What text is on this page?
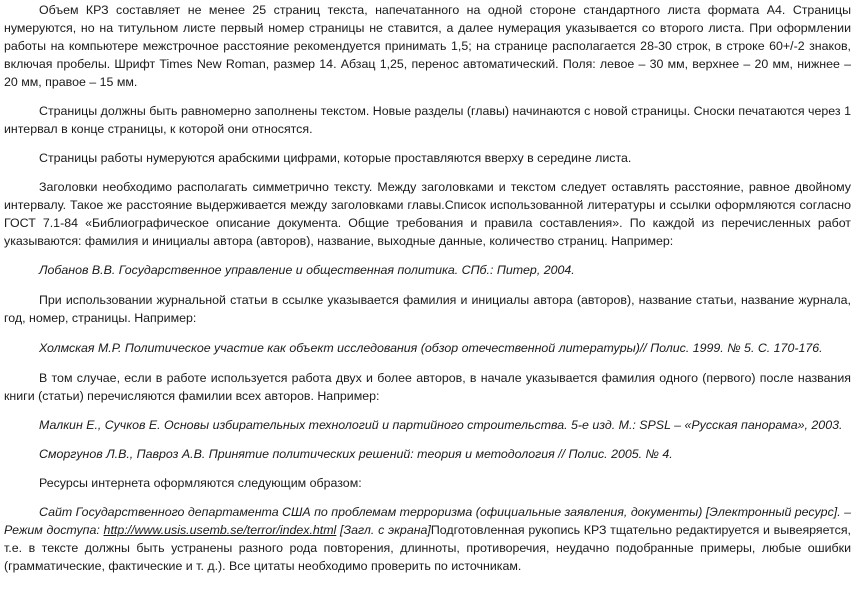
Объем КРЗ составляет не менее 25 страниц текста, напечатанного на одной стороне стандартного листа формата А4. Страницы нумеруются, но на титульном листе первый номер страницы не ставится, а далее нумерация указывается со второго листа. При оформлении работы на компьютере межстрочное расстояние рекомендуется принимать 1,5; на странице располагается 28-30 строк, в строке 60+/-2 знаков, включая пробелы. Шрифт Times New Roman, размер 14. Абзац 1,25, перенос автоматический. Поля: левое – 30 мм, верхнее – 20 мм, нижнее – 20 мм, правое – 15 мм.

Страницы должны быть равномерно заполнены текстом. Новые разделы (главы) начинаются с новой страницы. Сноски печатаются через 1 интервал в конце страницы, к которой они относятся.

Страницы работы нумеруются арабскими цифрами, которые проставляются вверху в середине листа.

Заголовки необходимо располагать симметрично тексту. Между заголовками и текстом следует оставлять расстояние, равное двойному интервалу. Такое же расстояние выдерживается между заголовками главы.Список использованной литературы и ссылки оформляются согласно ГОСТ 7.1-84 «Библиографическое описание документа. Общие требования и правила составления». По каждой из перечисленных работ указываются: фамилия и инициалы автора (авторов), название, выходные данные, количество страниц. Например:

Лобанов В.В. Государственное управление и общественная политика. СПб.: Питер, 2004.

При использовании журнальной статьи в ссылке указывается фамилия и инициалы автора (авторов), название статьи, название журнала, год, номер, страницы. Например:

Холмская М.Р. Политическое участие как объект исследования (обзор отечественной литературы)// Полис. 1999. № 5. С. 170-176.

В том случае, если в работе используется работа двух и более авторов, в начале указывается фамилия одного (первого) после названия книги (статьи) перечисляются фамилии всех авторов. Например:

Малкин Е., Сучков Е. Основы избирательных технологий и партийного строительства. 5-е изд. М.: SPSL – «Русская панорама», 2003.

Сморгунов Л.В., Павроз А.В. Принятие политических решений: теория и методология // Полис. 2005. № 4.

Ресурсы интернета оформляются следующим образом:

Сайт Государственного департамента США по проблемам терроризма (официальные заявления, документы) [Электронный ресурс]. – Режим доступа: http://www.usis.usemb.se/terror/index.html [Загл. с экрана]Подготовленная рукопись КРЗ тщательно редактируется и вывеяряется, т.е. в тексте должны быть устранены разного рода повторения, длинноты, противоречия, неудачно подобранные примеры, любые ошибки (грамматические, фактические и т. д.). Все цитаты необходимо проверить по источникам.
